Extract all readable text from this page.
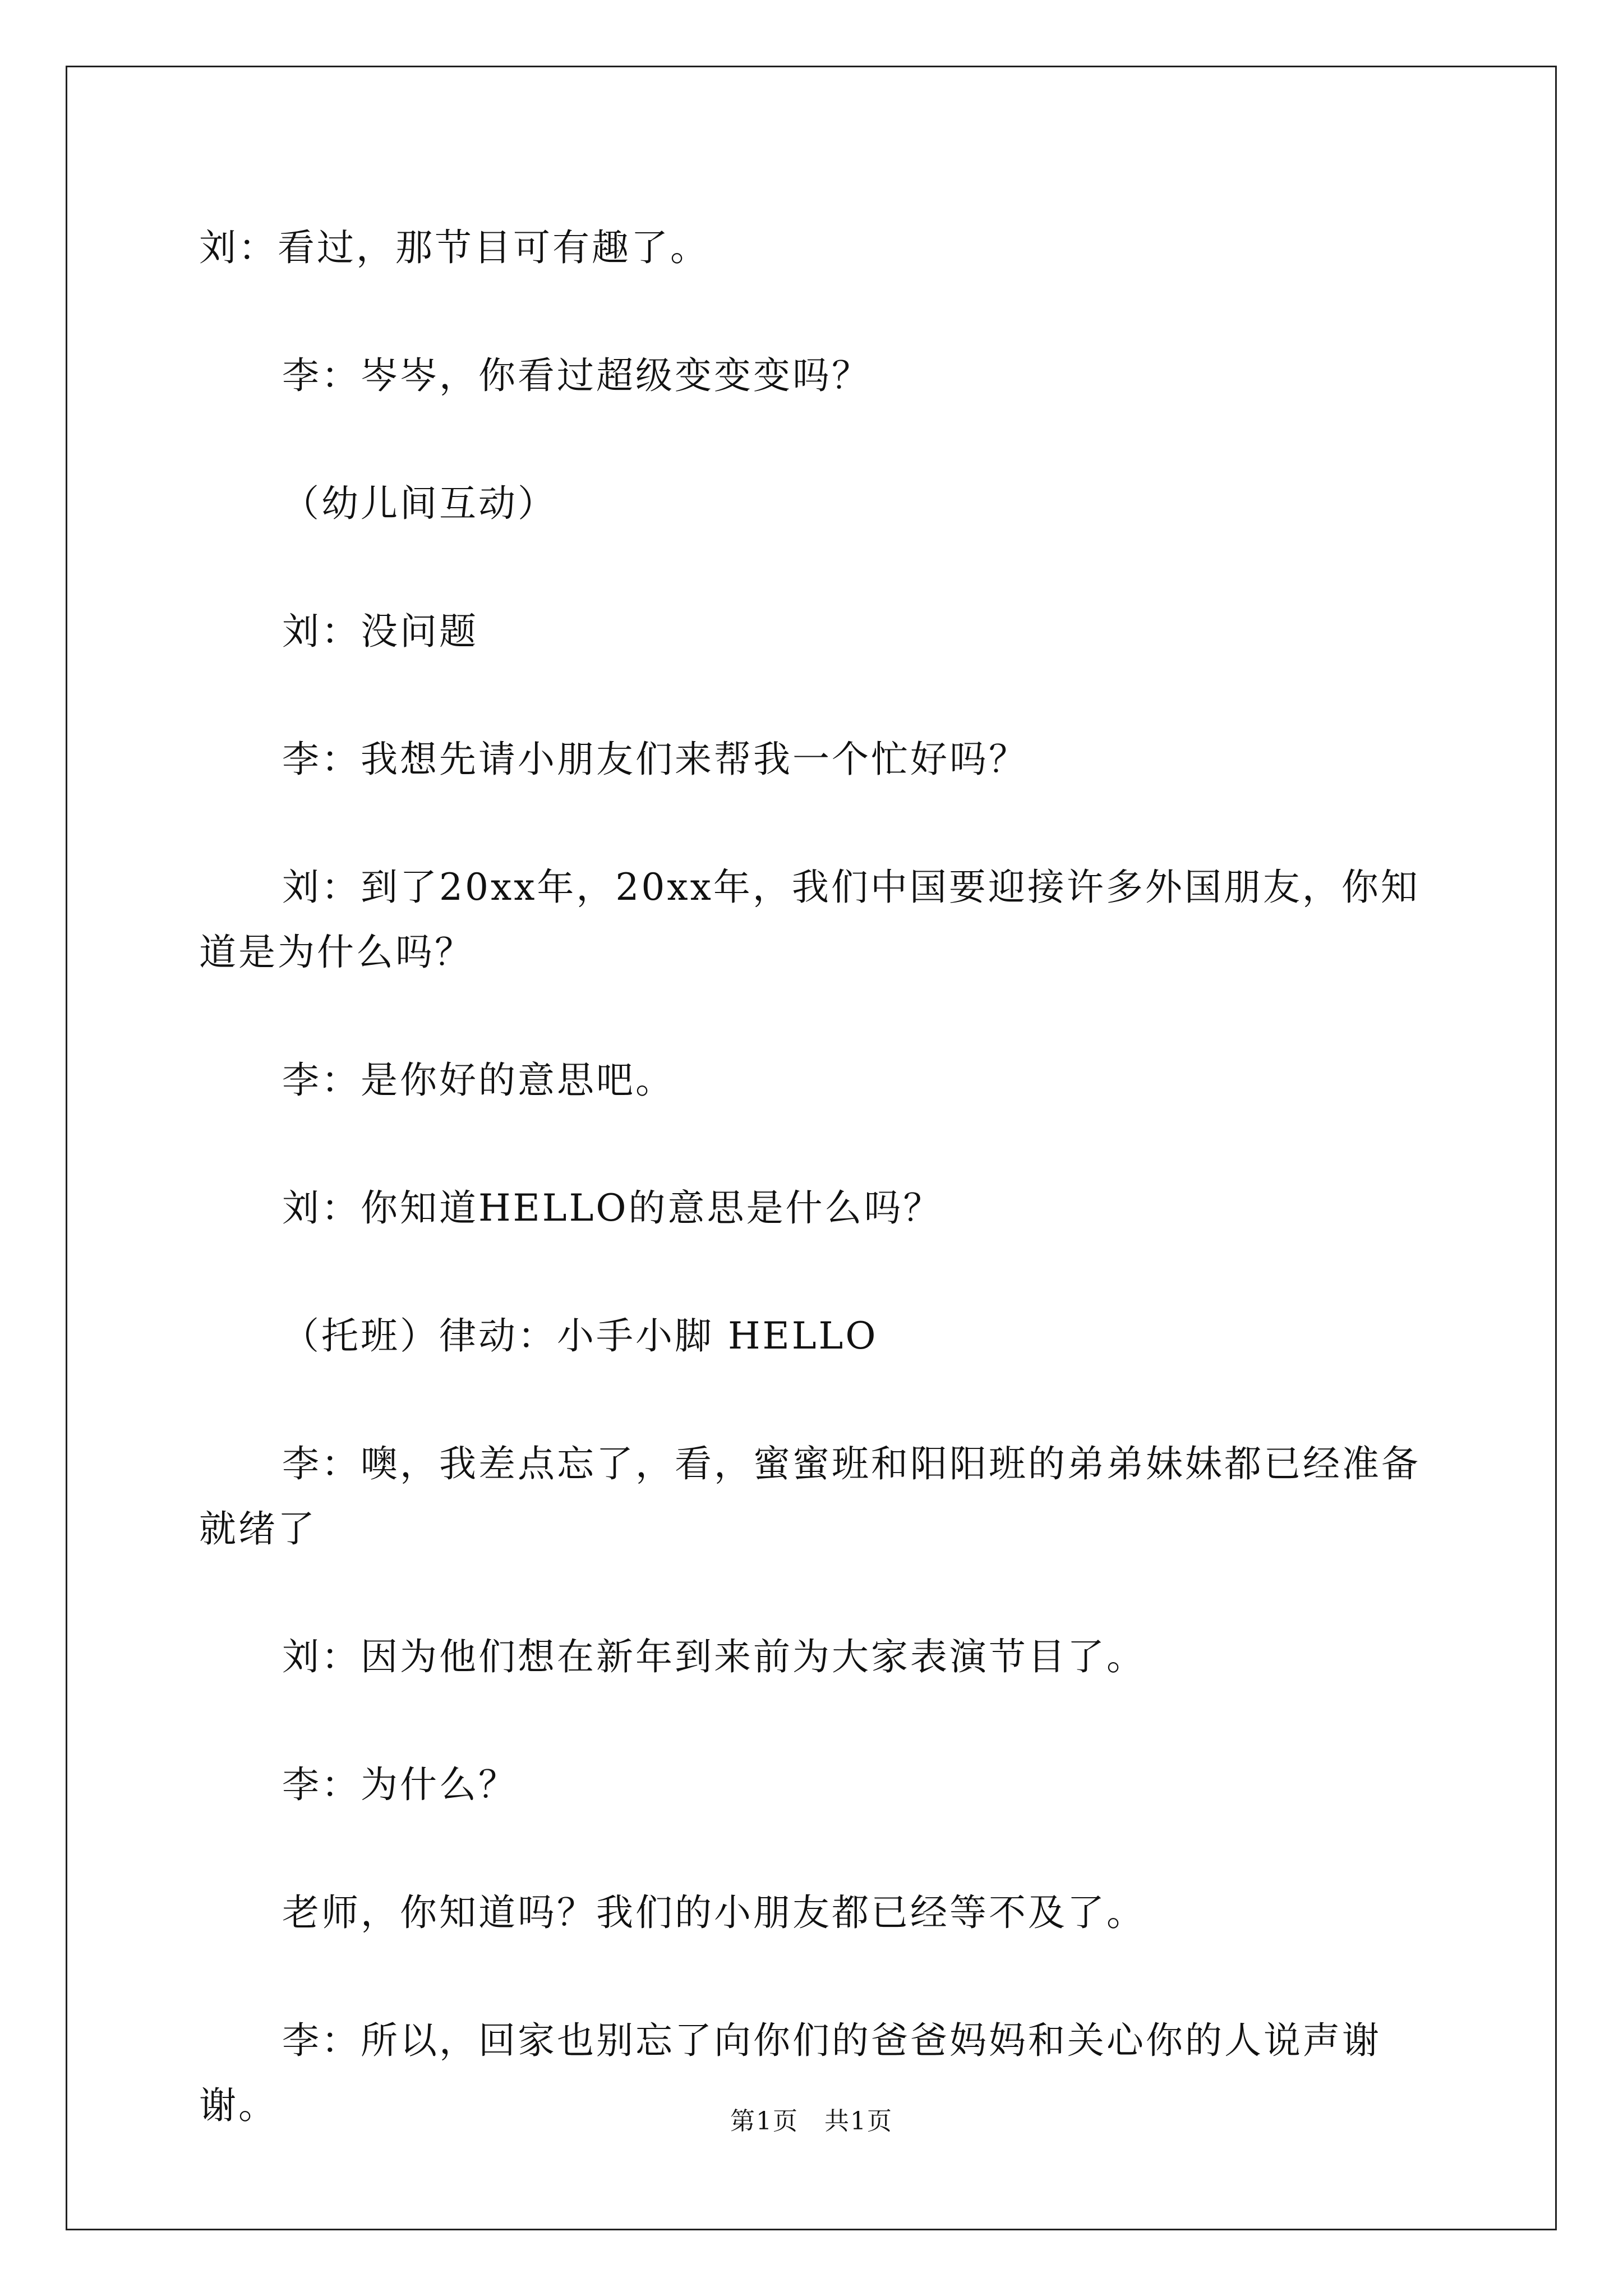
刘：看过，那节目可有趣了。

李：岑岑，你看过超级变变变吗？

（幼儿间互动）

刘：没问题

李：我想先请小朋友们来帮我一个忙好吗？

刘：到了20xx年，20xx年，我们中国要迎接许多外国朋友，你知道是为什么吗？

李：是你好的意思吧。

刘：你知道HELLO的意思是什么吗？

（托班）律动：小手小脚 HELLO

李：噢，我差点忘了，看，蜜蜜班和阳阳班的弟弟妹妹都已经准备就绪了

刘：因为他们想在新年到来前为大家表演节目了。

李：为什么？

老师，你知道吗？我们的小朋友都已经等不及了。

李：所以，回家也别忘了向你们的爸爸妈妈和关心你的人说声谢谢。	第1页　共1页
